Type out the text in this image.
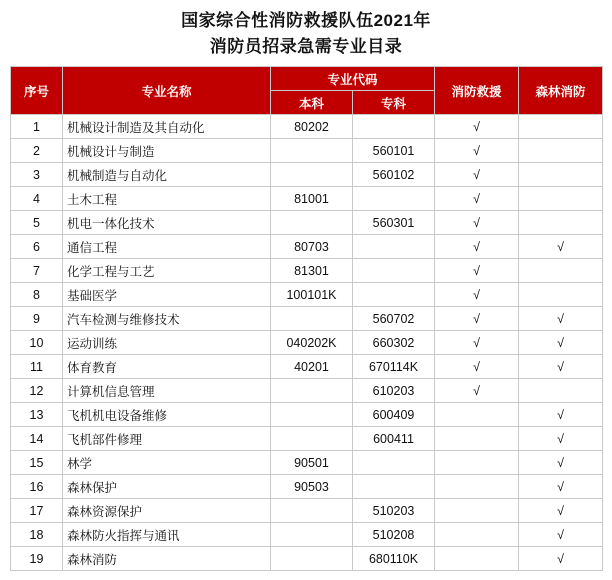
国家综合性消防救援队伍2021年
消防员招录急需专业目录
序号	专业名称	专业代码		消防救援	森林消防
		本科	专科		
1	机械设计制造及其自动化	80202		√	
2	机械设计与制造		560101	√	
3	机械制造与自动化		560102	√	
4	土木工程	81001		√	
5	机电一体化技术		560301	√	
6	通信工程	80703		√	√
7	化学工程与工艺	81301		√	
8	基础医学	100101K		√	
9	汽车检测与维修技术		560702	√	√
10	运动训练	040202K	660302	√	√
11	体育教育	40201	670114K	√	√
12	计算机信息管理		610203	√	
13	飞机机电设备维修		600409		√
14	飞机部件修理		600411		√
15	林学	90501			√
16	森林保护	90503			√
17	森林资源保护		510203		√
18	森林防火指挥与通讯		510208		√
19	森林消防		680110K		√
